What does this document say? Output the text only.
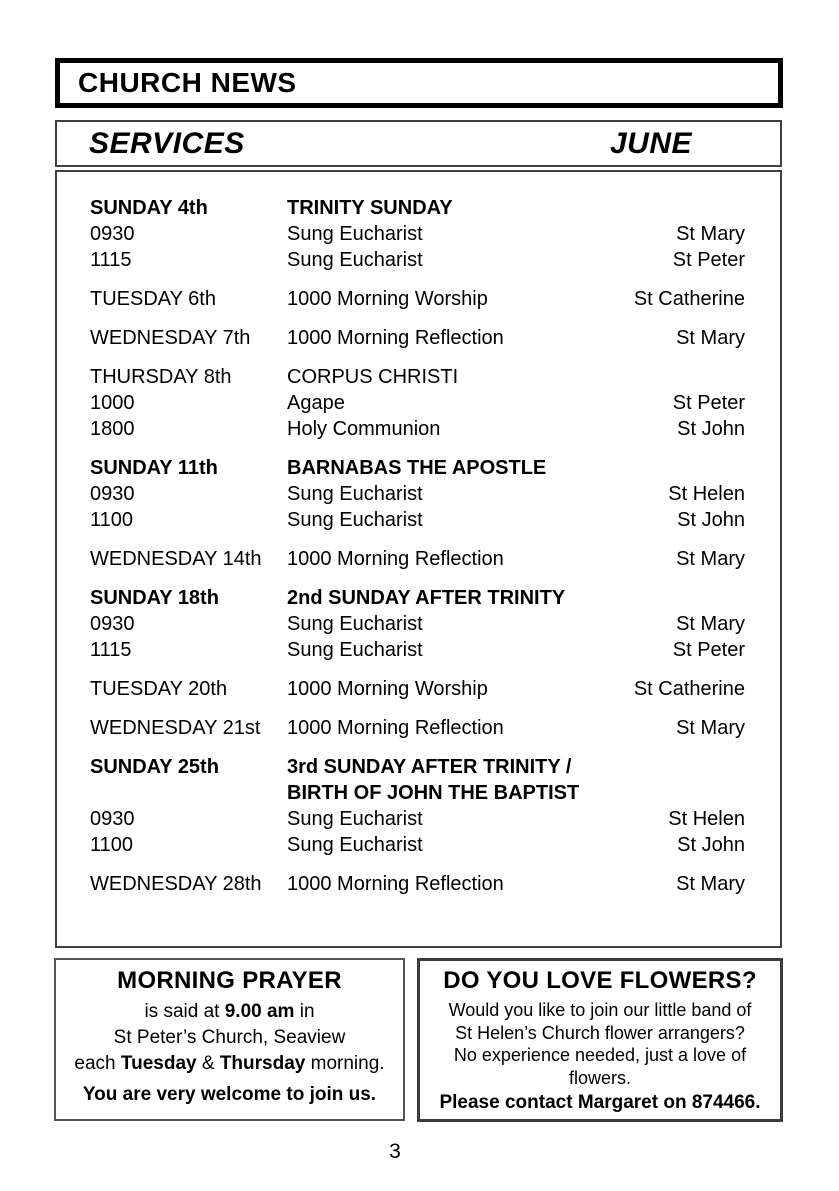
CHURCH NEWS
SERVICES	JUNE
SUNDAY 4th	TRINITY SUNDAY
0930	Sung Eucharist	St Mary
1115	Sung Eucharist	St Peter
TUESDAY 6th	1000 Morning Worship	St Catherine
WEDNESDAY 7th	1000 Morning Reflection	St Mary
THURSDAY 8th	CORPUS CHRISTI
1000	Agape	St Peter
1800	Holy Communion	St John
SUNDAY 11th	BARNABAS THE APOSTLE
0930	Sung Eucharist	St Helen
1100	Sung Eucharist	St John
WEDNESDAY 14th	1000 Morning Reflection	St Mary
SUNDAY 18th	2nd SUNDAY AFTER TRINITY
0930	Sung Eucharist	St Mary
1115	Sung Eucharist	St Peter
TUESDAY 20th	1000 Morning Worship	St Catherine
WEDNESDAY 21st	1000 Morning Reflection	St Mary
SUNDAY 25th	3rd SUNDAY AFTER TRINITY /
BIRTH OF JOHN THE BAPTIST
0930	Sung Eucharist	St Helen
1100	Sung Eucharist	St John
WEDNESDAY 28th	1000 Morning Reflection	St Mary
MORNING PRAYER
is said at 9.00 am in
St Peter’s Church, Seaview
each Tuesday & Thursday morning.
You are very welcome to join us.
DO YOU LOVE FLOWERS?
Would you like to join our little band of
St Helen’s Church flower arrangers?
No experience needed, just a love of
flowers.
Please contact Margaret on 874466.
3
